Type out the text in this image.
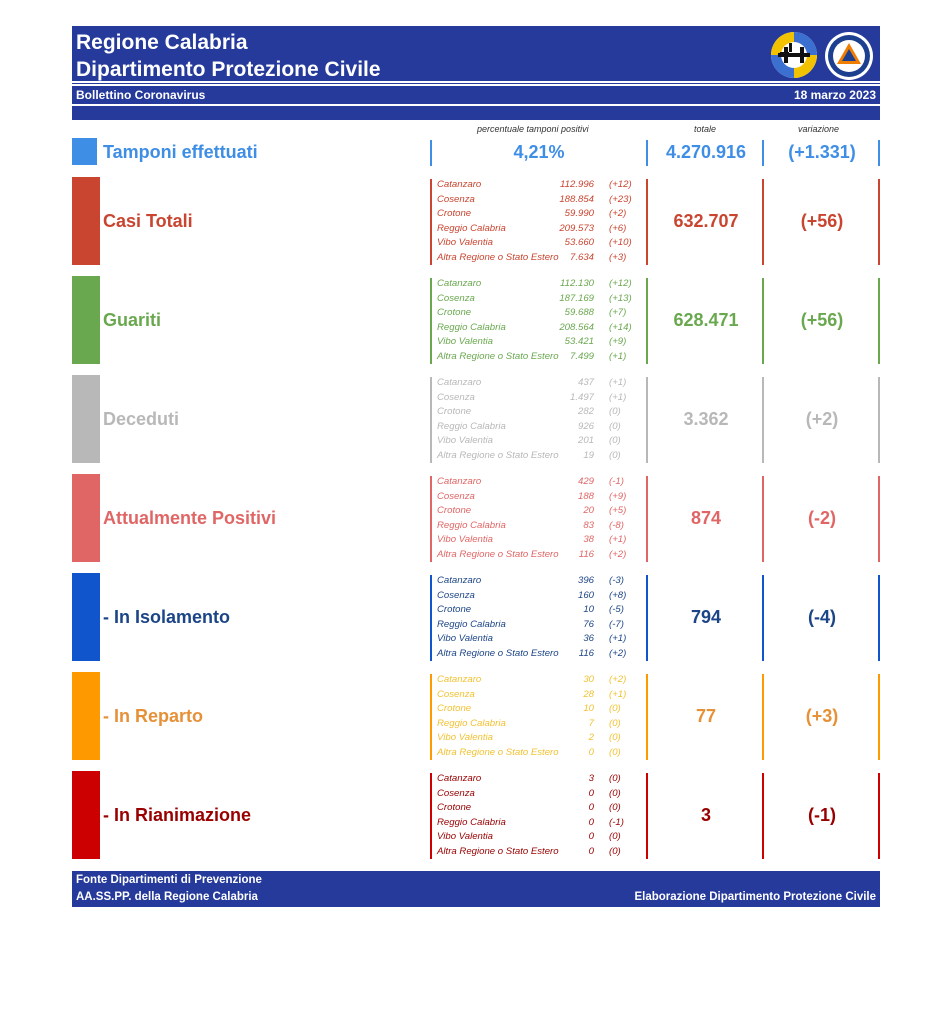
Regione Calabria
Dipartimento Protezione Civile
Bollettino Coronavirus	18 marzo 2023
percentuale tamponi positivi	totale	variazione
Tamponi effettuati	4,21%	4.270.916	(+1.331)
Casi Totali
Catanzaro	112.996 (+12)
Cosenza	188.854 (+23)
Crotone	59.990 (+2)
Reggio Calabria	209.573 (+6)
Vibo Valentia	53.660 (+10)
Altra Regione o Stato Estero 7.634 (+3)
632.707	(+56)
Guariti
Catanzaro	112.130 (+12)
Cosenza	187.169 (+13)
Crotone	59.688 (+7)
Reggio Calabria	208.564 (+14)
Vibo Valentia	53.421 (+9)
Altra Regione o Stato Estero 7.499 (+1)
628.471	(+56)
Deceduti
Catanzaro	437 (+1)
Cosenza	1.497 (+1)
Crotone	282 (0)
Reggio Calabria	926 (0)
Vibo Valentia	201 (0)
Altra Regione o Stato Estero	19 (0)
3.362	(+2)
Attualmente Positivi
Catanzaro	429 (-1)
Cosenza	188 (+9)
Crotone	20 (+5)
Reggio Calabria	83 (-8)
Vibo Valentia	38 (+1)
Altra Regione o Stato Estero 116 (+2)
874	(-2)
- In Isolamento
Catanzaro	396 (-3)
Cosenza	160 (+8)
Crotone	10 (-5)
Reggio Calabria	76 (-7)
Vibo Valentia	36 (+1)
Altra Regione o Stato Estero 116 (+2)
794	(-4)
- In Reparto
Catanzaro	30 (+2)
Cosenza	28 (+1)
Crotone	10 (0)
Reggio Calabria	7 (0)
Vibo Valentia	2 (0)
Altra Regione o Stato Estero	0 (0)
77	(+3)
- In Rianimazione
Catanzaro	3 (0)
Cosenza	0 (0)
Crotone	0 (0)
Reggio Calabria	0 (-1)
Vibo Valentia	0 (0)
Altra Regione o Stato Estero	0 (0)
3	(-1)
Fonte Dipartimenti di Prevenzione
AA.SS.PP. della Regione Calabria	Elaborazione Dipartimento Protezione Civile
